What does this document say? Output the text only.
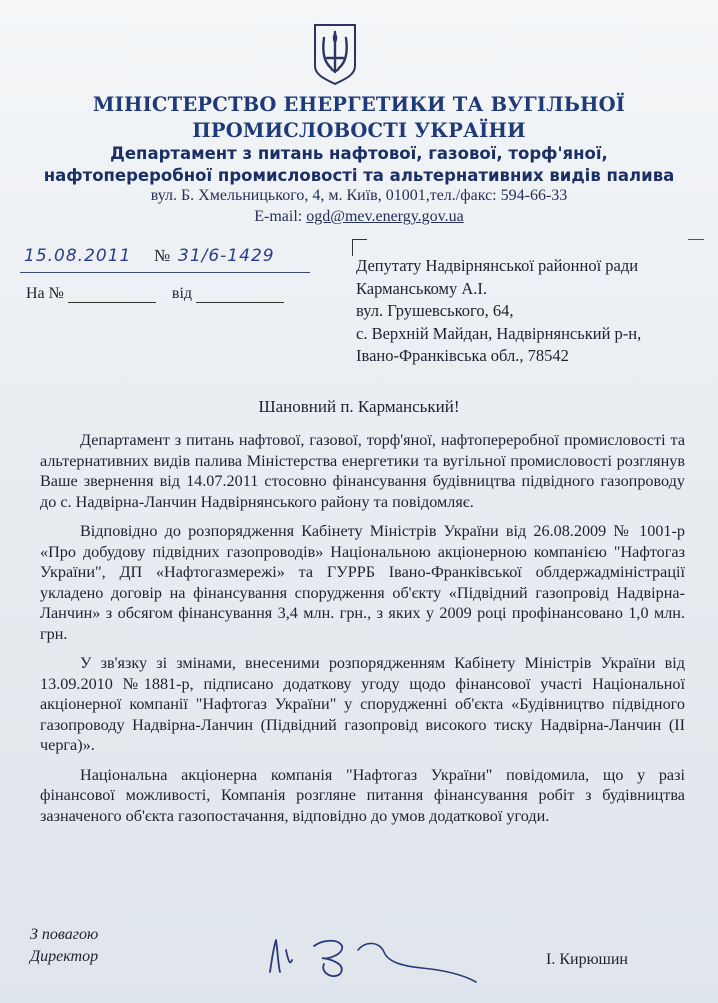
МІНІСТЕРСТВО ЕНЕРГЕТИКИ ТА ВУГІЛЬНОЇ
ПРОМИСЛОВОСТІ УКРАЇНИ
Департамент з питань нафтової, газової, торф'яної,
нафтопереробної промисловості та альтернативних видів палива
вул. Б. Хмельницького, 4, м. Київ, 01001,тел./факс: 594-66-33
E-mail: ogd@mev.energy.gov.ua
15.08.2011 № 31/6-1429
На №	від
Депутату Надвірнянської районної ради
Карманському А.І.
вул. Грушевського, 64,
с. Верхній Майдан, Надвірнянський р-н,
Івано-Франківська обл., 78542
Шановний п. Карманський!

Департамент з питань нафтової, газової, торф'яної, нафтопереробної промисловості та альтернативних видів палива Міністерства енергетики та вугільної промисловості розглянув Ваше звернення від 14.07.2011 стосовно фінансування будівництва підвідного газопроводу до с. Надвірна-Ланчин Надвірнянського району та повідомляє.

Відповідно до розпорядження Кабінету Міністрів України від 26.08.2009 № 1001-р «Про добудову підвідних газопроводів» Національною акціонерною компанією "Нафтогаз України", ДП «Нафтогазмережі» та ГУРРБ Івано-Франківської облдержадміністрації укладено договір на фінансування спорудження об'єкту «Підвідний газопровід Надвірна-Ланчин» з обсягом фінансування 3,4 млн. грн., з яких у 2009 році профінансовано 1,0 млн. грн.

У зв'язку зі змінами, внесеними розпорядженням Кабінету Міністрів України від 13.09.2010 №1881-р, підписано додаткову угоду щодо фінансової участі Національної акціонерної компанії "Нафтогаз України" у спорудженні об'єкта «Будівництво підвідного газопроводу Надвірна-Ланчин (Підвідний газопровід високого тиску Надвірна-Ланчин (ІІ черга)».

Національна акціонерна компанія "Нафтогаз України" повідомила, що у разі фінансової можливості, Компанія розгляне питання фінансування робіт з будівництва зазначеного об'єкта газопостачання, відповідно до умов додаткової угоди.

З повагою
Директор	І. Кирюшин
